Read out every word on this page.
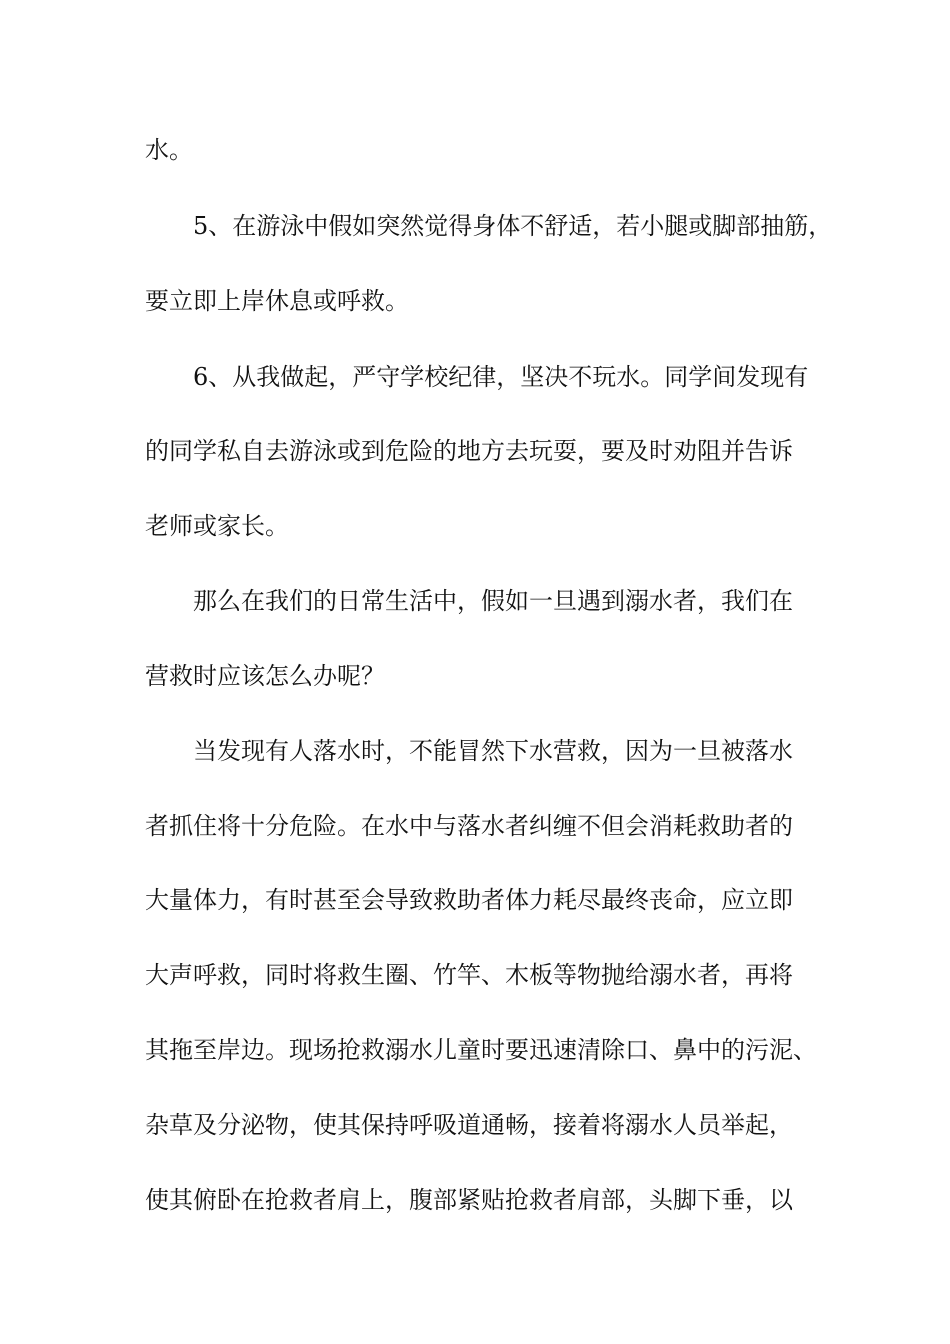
水。
5、在游泳中假如突然觉得身体不舒适，若小腿或脚部抽筋，
要立即上岸休息或呼救。
6、从我做起，严守学校纪律，坚决不玩水。同学间发现有
的同学私自去游泳或到危险的地方去玩耍，要及时劝阻并告诉
老师或家长。
那么在我们的日常生活中，假如一旦遇到溺水者，我们在
营救时应该怎么办呢？
当发现有人落水时，不能冒然下水营救，因为一旦被落水
者抓住将十分危险。在水中与落水者纠缠不但会消耗救助者的
大量体力，有时甚至会导致救助者体力耗尽最终丧命，应立即
大声呼救，同时将救生圈、竹竿、木板等物抛给溺水者，再将
其拖至岸边。现场抢救溺水儿童时要迅速清除口、鼻中的污泥、
杂草及分泌物，使其保持呼吸道通畅，接着将溺水人员举起，
使其俯卧在抢救者肩上，腹部紧贴抢救者肩部，头脚下垂，以
